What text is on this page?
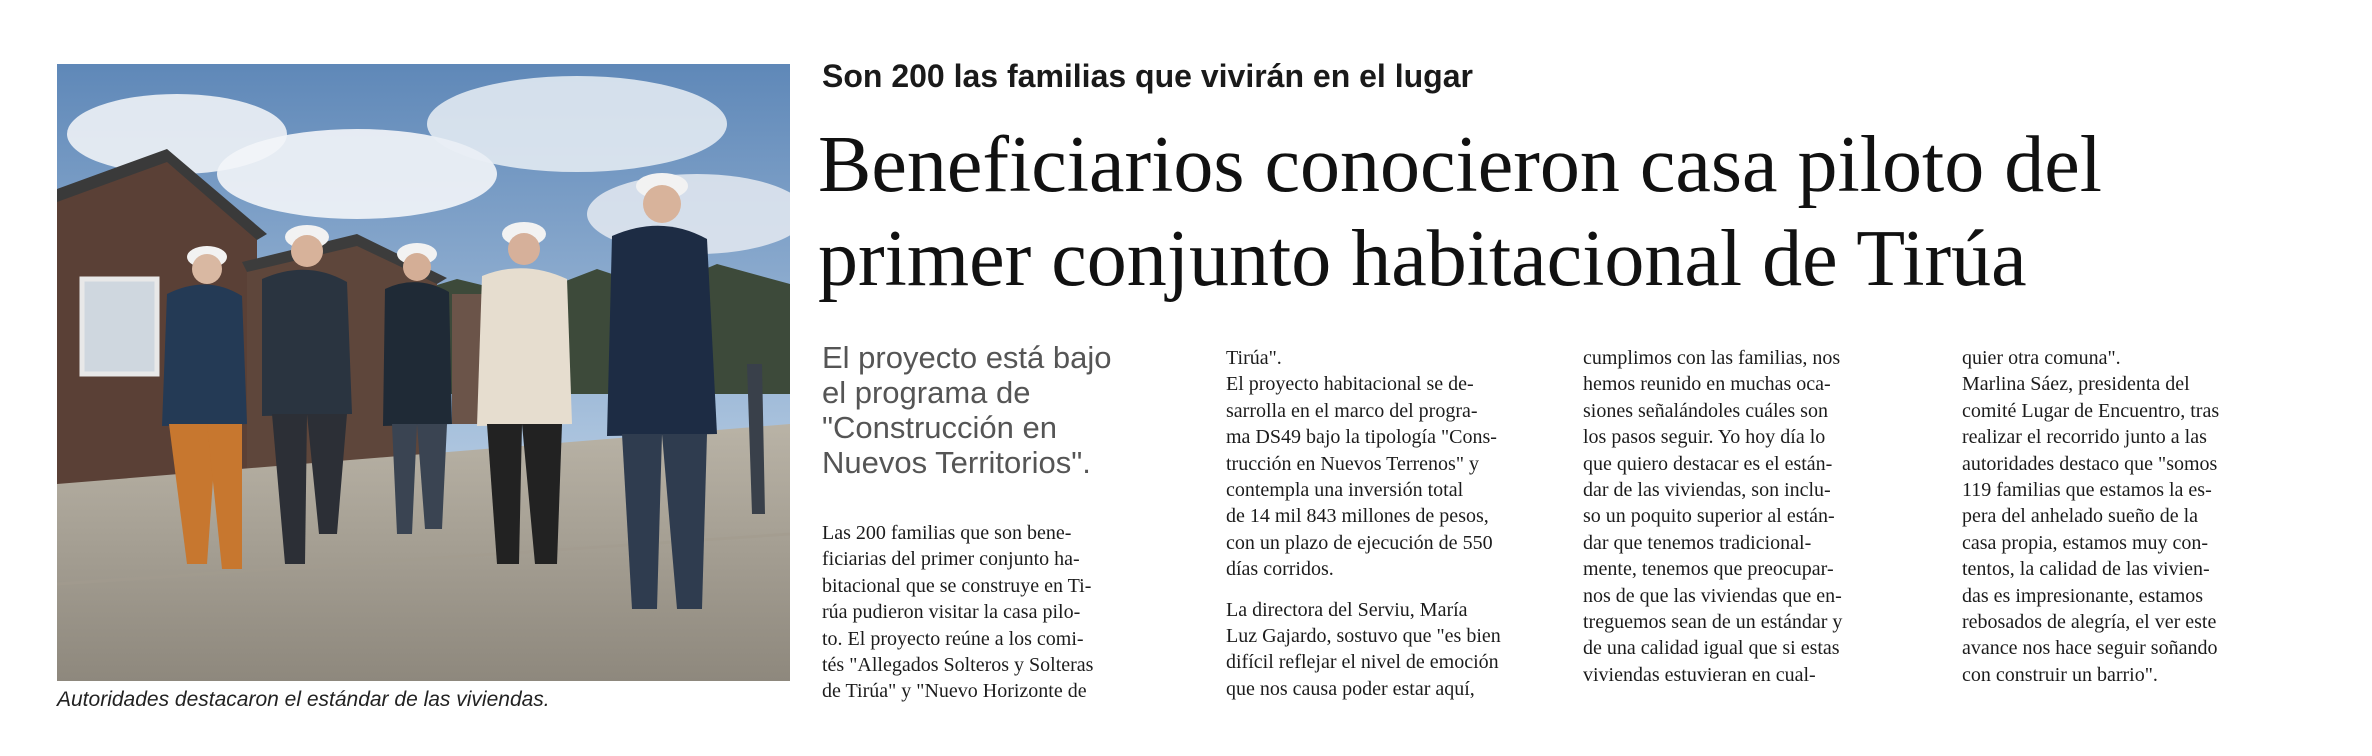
Autoridades destacaron el estándar de las viviendas.
Son 200 las familias que vivirán en el lugar
Beneficiarios conocieron casa piloto del
primer conjunto habitacional de Tirúa
El proyecto está bajo
el programa de
"Construcción en
Nuevos Territorios".
Las 200 familias que son bene-
ficiarias del primer conjunto ha-
bitacional que se construye en Ti-
rúa pudieron visitar la casa pilo-
to. El proyecto reúne a los comi-
tés "Allegados Solteros y Solteras
de Tirúa" y "Nuevo Horizonte de
Tirúa".
El proyecto habitacional se de-
sarrolla en el marco del progra-
ma DS49 bajo la tipología "Cons-
trucción en Nuevos Terrenos" y
contempla una inversión total
de 14 mil 843 millones de pesos,
con un plazo de ejecución de 550
días corridos.
La directora del Serviu, María
Luz Gajardo, sostuvo que "es bien
difícil reflejar el nivel de emoción
que nos causa poder estar aquí,
cumplimos con las familias, nos
hemos reunido en muchas oca-
siones señalándoles cuáles son
los pasos seguir. Yo hoy día lo
que quiero destacar es el están-
dar de las viviendas, son inclu-
so un poquito superior al están-
dar que tenemos tradicional-
mente, tenemos que preocupar-
nos de que las viviendas que en-
treguemos sean de un estándar y
de una calidad igual que si estas
viviendas estuvieran en cual-
quier otra comuna".
Marlina Sáez, presidenta del
comité Lugar de Encuentro, tras
realizar el recorrido junto a las
autoridades destaco que "somos
119 familias que estamos la es-
pera del anhelado sueño de la
casa propia, estamos muy con-
tentos, la calidad de las vivien-
das es impresionante, estamos
rebosados de alegría, el ver este
avance nos hace seguir soñando
con construir un barrio".
